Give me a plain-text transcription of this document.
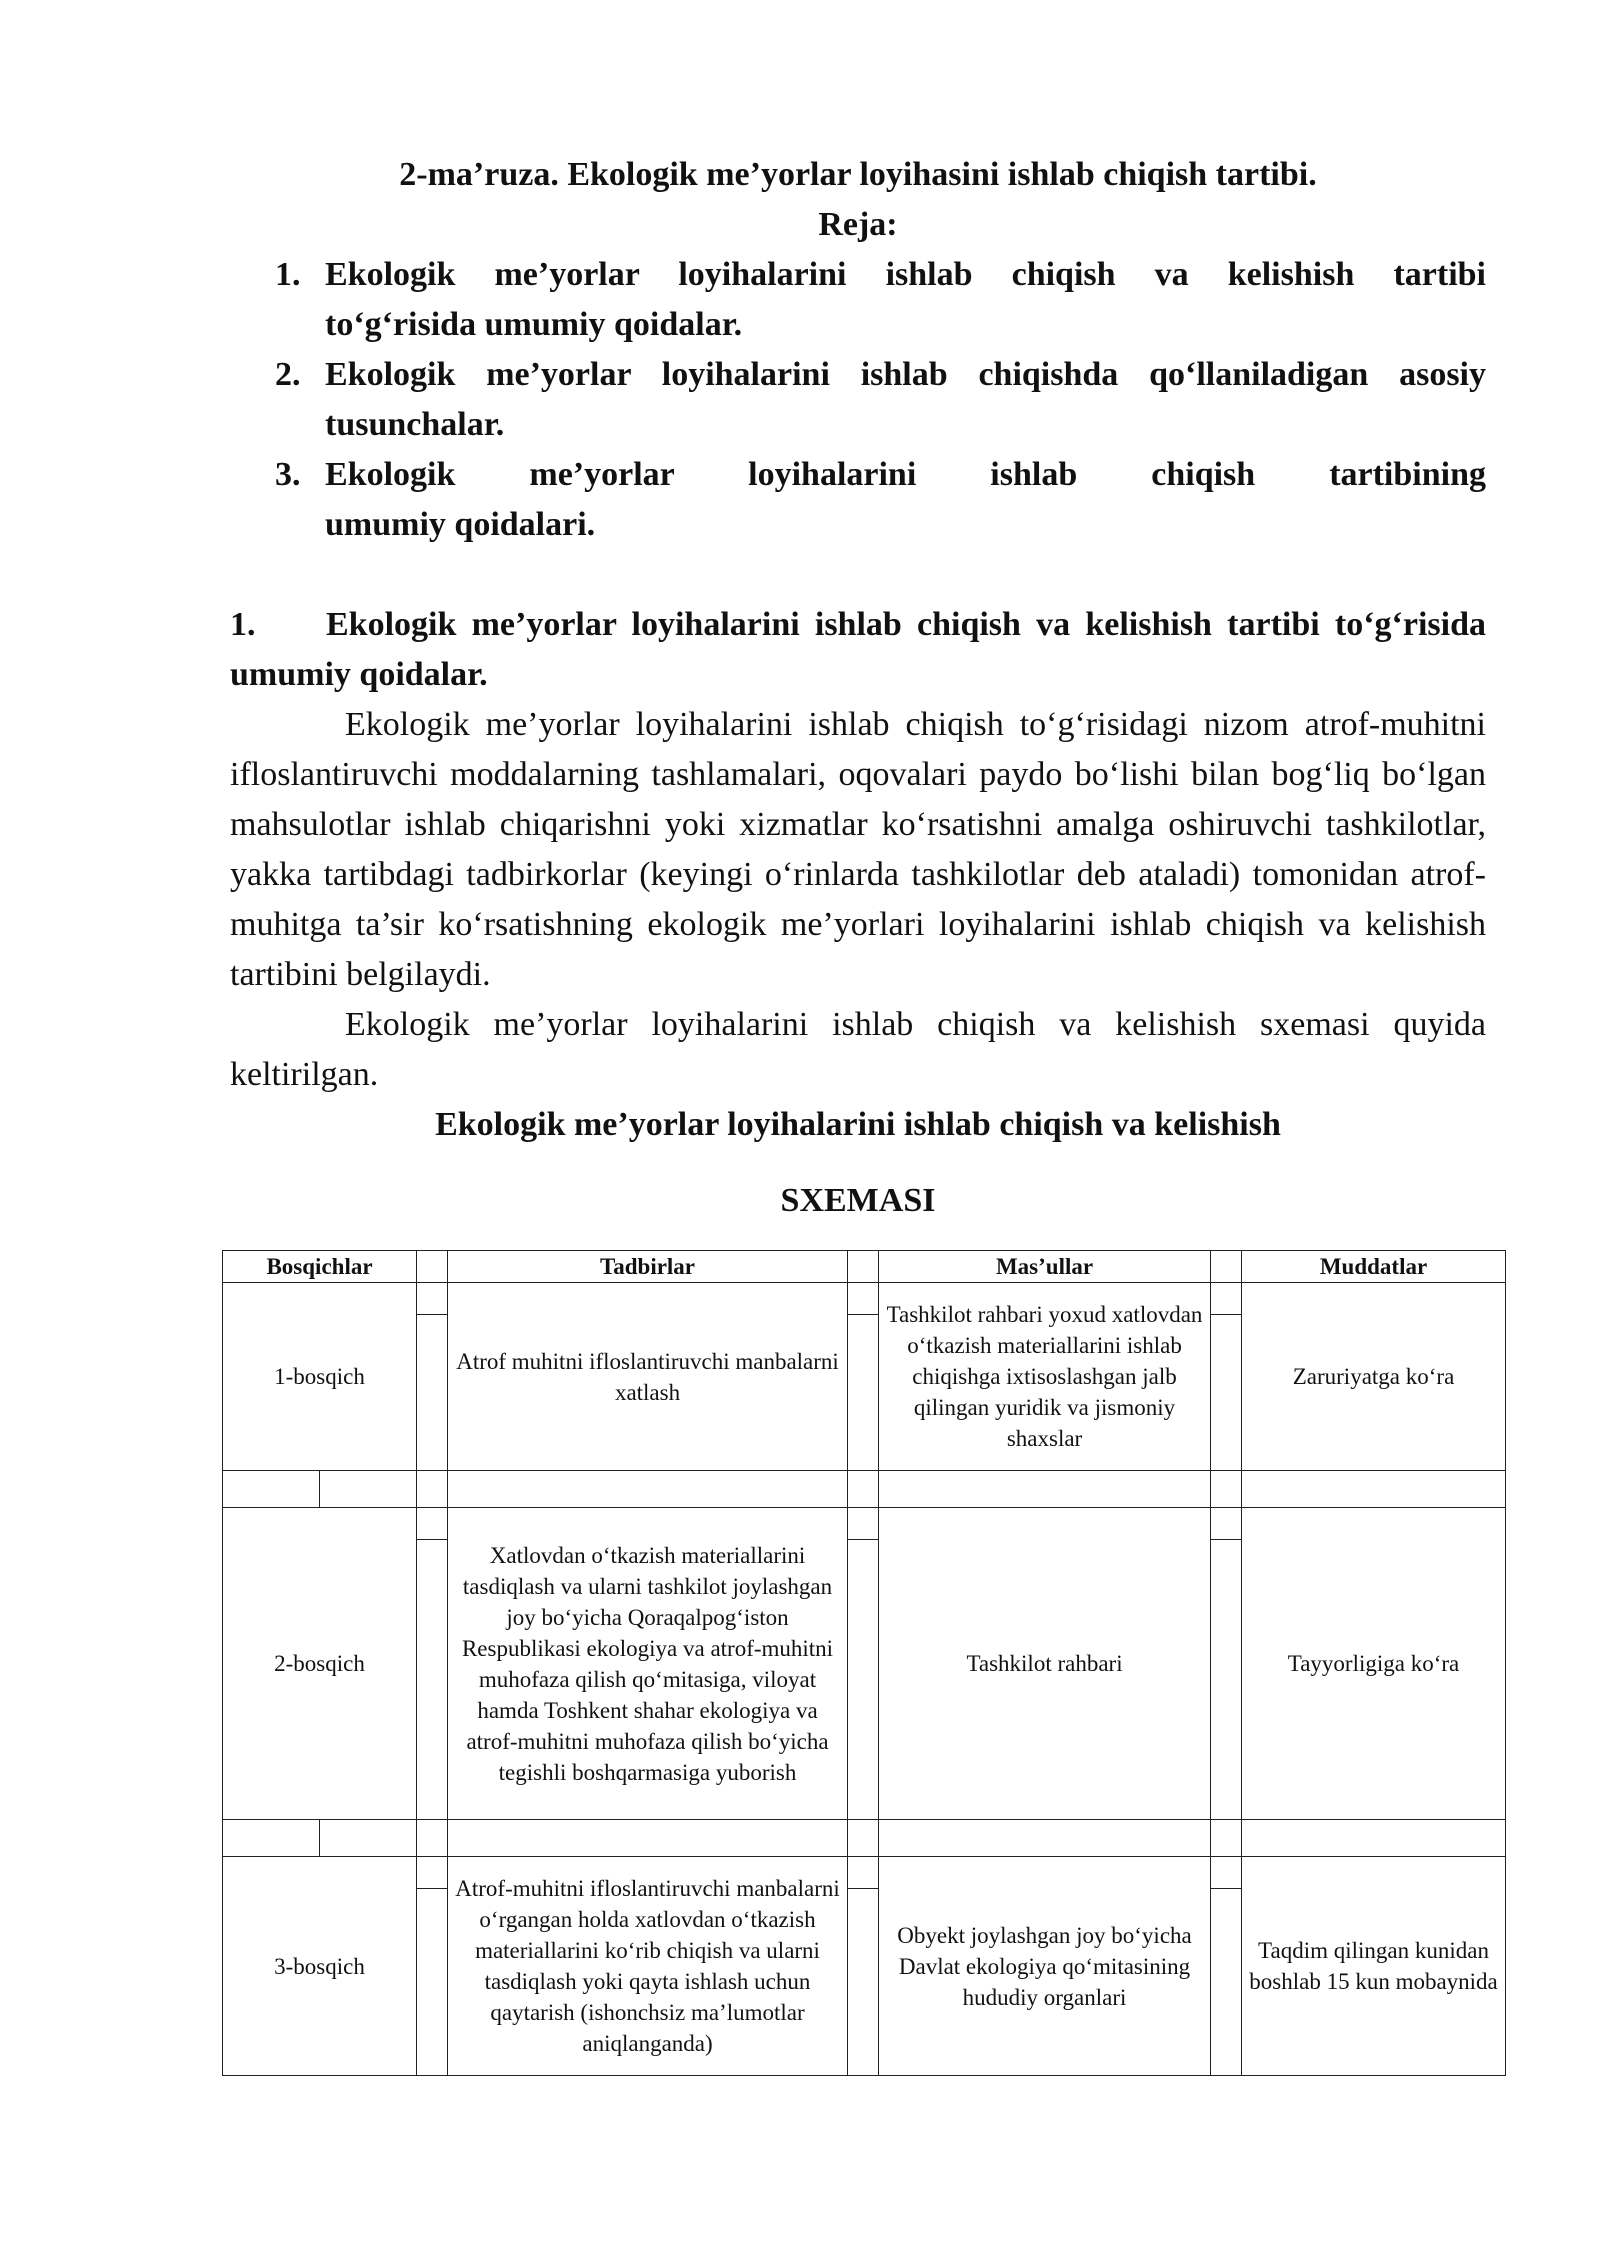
2-ma’ruza. Ekologik me’yorlar loyihasini ishlab chiqish tartibi.
Reja:
1. Ekologik me’yorlar loyihalarini ishlab chiqish va kelishish tartibi
to‘g‘risida umumiy qoidalar.
2. Ekologik me’yorlar loyihalarini ishlab chiqishda qo‘llaniladigan asosiy
tusunchalar.
3. Ekologik me’yorlar loyihalarini ishlab chiqish tartibining
umumiy qoidalari.
1. Ekologik me’yorlar loyihalarini ishlab chiqish va kelishish tartibi to‘g‘risida umumiy qoidalar.

Ekologik me’yorlar loyihalarini ishlab chiqish to‘g‘risidagi nizom atrof-muhitni ifloslantiruvchi moddalarning tashlamalari, oqovalari paydo bo‘lishi bilan bog‘liq bo‘lgan mahsulotlar ishlab chiqarishni yoki xizmatlar ko‘rsatishni amalga oshiruvchi tashkilotlar, yakka tartibdagi tadbirkorlar (keyingi o‘rinlarda tashkilotlar deb ataladi) tomonidan atrof-muhitga ta’sir ko‘rsatishning ekologik me’yorlari loyihalarini ishlab chiqish va kelishish tartibini belgilaydi.

Ekologik me’yorlar loyihalarini ishlab chiqish va kelishish sxemasi quyida keltirilgan.

Ekologik me’yorlar loyihalarini ishlab chiqish va kelishish
SXEMASI
Bosqichlar			Tadbirlar		Mas’ullar		Muddatlar
1-bosqich			Atrof muhitni ifloslantiruvchi manbalarni xatlash		Tashkilot rahbari yoxud xatlovdan o‘tkazish materiallarini ishlab chiqishga ixtisoslashgan jalb qilingan yuridik va jismoniy shaxslar		Zaruriyatga ko‘ra

2-bosqich			Xatlovdan o‘tkazish materiallarini tasdiqlash va ularni tashkilot joylashgan joy bo‘yicha Qoraqalpog‘iston Respublikasi ekologiya va atrof-muhitni muhofaza qilish qo‘mitasiga, viloyat hamda Toshkent shahar ekologiya va atrof-muhitni muhofaza qilish bo‘yicha tegishli boshqarmasiga yuborish		Tashkilot rahbari		Tayyorligiga ko‘ra

3-bosqich			Atrof-muhitni ifloslantiruvchi manbalarni o‘rgangan holda xatlovdan o‘tkazish materiallarini ko‘rib chiqish va ularni tasdiqlash yoki qayta ishlash uchun qaytarish (ishonchsiz ma’lumotlar aniqlanganda)		Obyekt joylashgan joy bo‘yicha Davlat ekologiya qo‘mitasining hududiy organlari		Taqdim qilingan kunidan boshlab 15 kun mobaynida
